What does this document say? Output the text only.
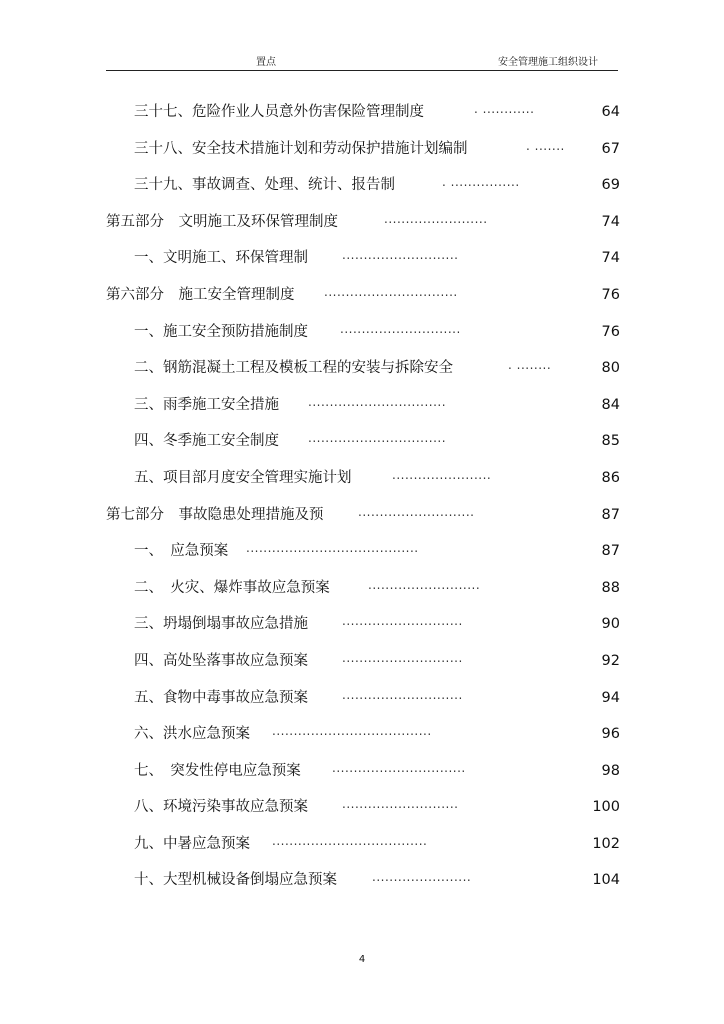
置点	安全管理施工组织设计
三十七、危险作业人员意外伤害保险管理制度	. ............	64
三十八、安全技术措施计划和劳动保护措施计划编制	. .......	67
三十九、事故调查、处理、统计、报告制	. ................	69
第五部分　文明施工及环保管理制度	........................	74
一、文明施工、环保管理制	...........................	74
第六部分　施工安全管理制度 ...............................	76
一、施工安全预防措施制度	............................	76
二、钢筋混凝土工程及模板工程的安装与拆除安全	. ........	80
三、雨季施工安全措施 ................................	84
四、冬季施工安全制度 ................................	85
五、项目部月度安全管理实施计划	.......................	86
第七部分　事故隐患处理措施及预	...........................	87
一、　应急预案 ........................................	87
二、　火灾、爆炸事故应急预案	..........................	88
三、坍塌倒塌事故应急措施	............................	90
四、高处坠落事故应急预案	............................	92
五、食物中毒事故应急预案	............................	94
六、洪水应急预案 .....................................	96
七、　突发性停电应急预案	...............................	98
八、环境污染事故应急预案	...........................	100
九、中暑应急预案 ....................................	102
十、大型机械设备倒塌应急预案	.......................	104
4
